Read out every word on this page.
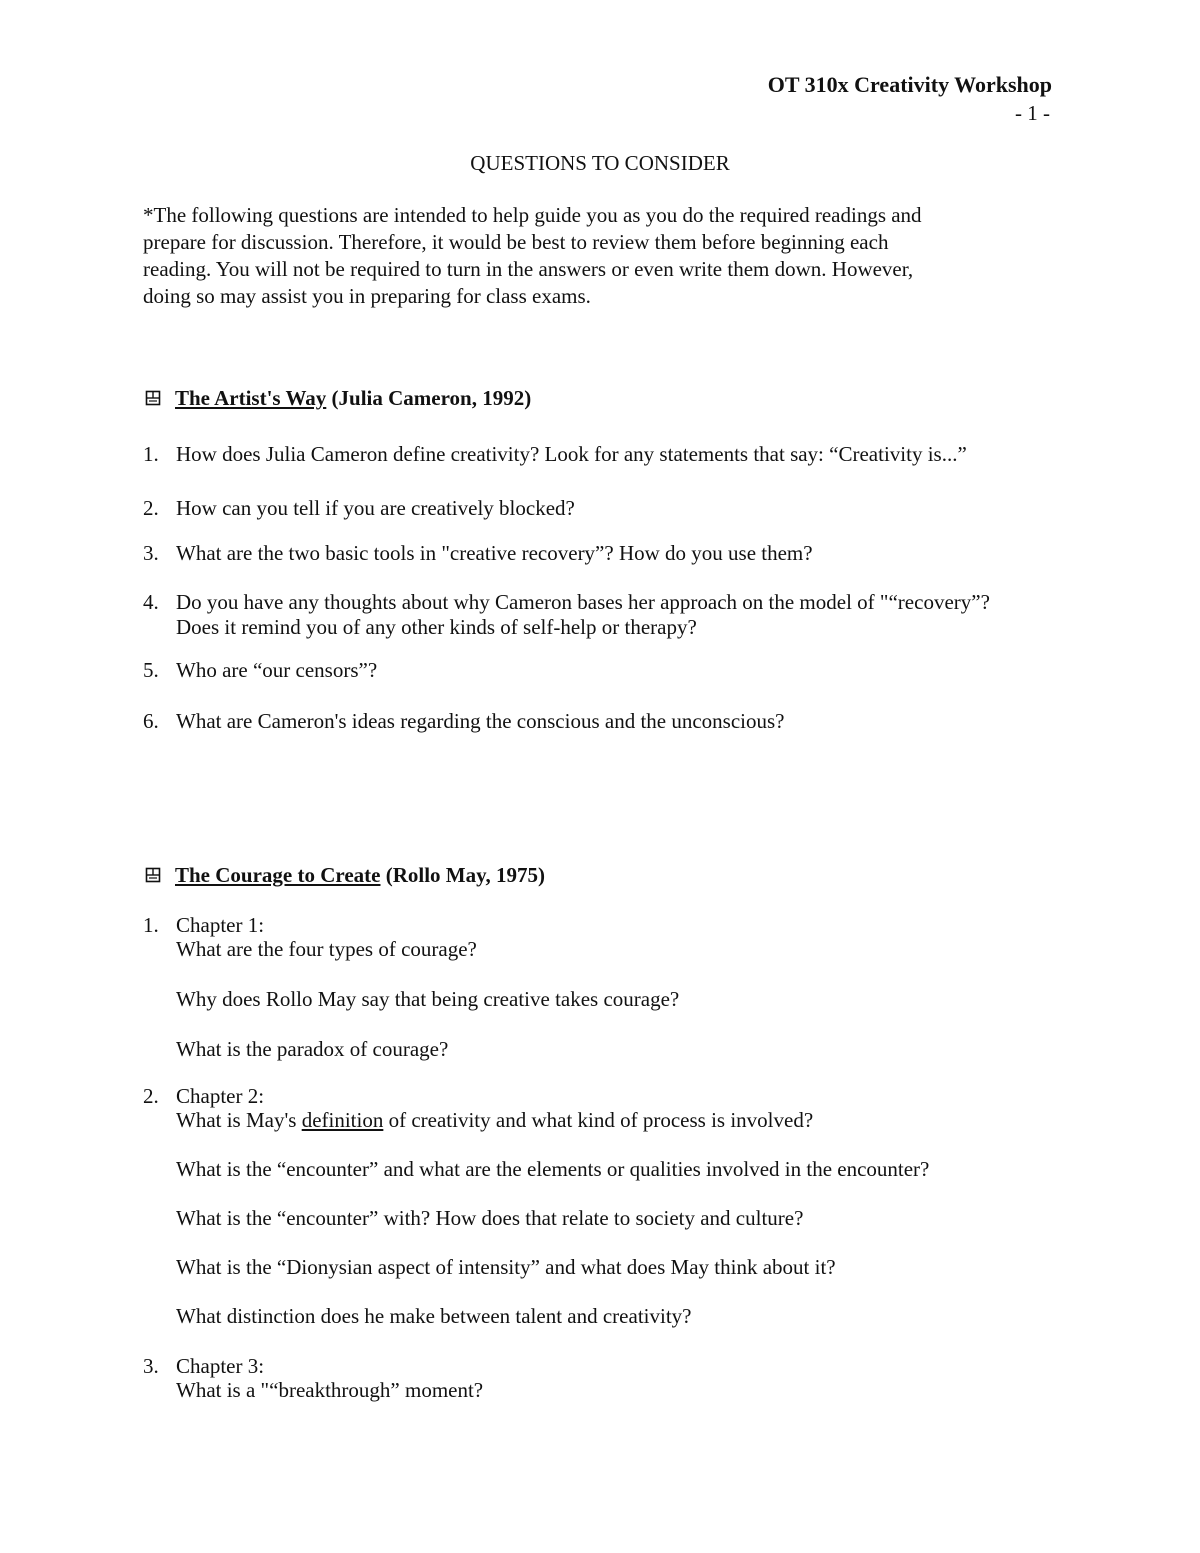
OT 310x Creativity Workshop
- 1 -
QUESTIONS TO CONSIDER
*The following questions are intended to help guide you as you do the required readings and
prepare for discussion. Therefore, it would be best to review them before beginning each
reading. You will not be required to turn in the answers or even write them down. However,
doing so may assist you in preparing for class exams.
The Artist's Way (Julia Cameron, 1992)
1. How does Julia Cameron define creativity? Look for any statements that say: “Creativity is...”
2. How can you tell if you are creatively blocked?
3. What are the two basic tools in "creative recovery”? How do you use them?
4. Do you have any thoughts about why Cameron bases her approach on the model of "“recovery”?
Does it remind you of any other kinds of self-help or therapy?
5. Who are “our censors”?
6. What are Cameron's ideas regarding the conscious and the unconscious?
The Courage to Create (Rollo May, 1975)
1. Chapter 1:
What are the four types of courage?
Why does Rollo May say that being creative takes courage?
What is the paradox of courage?
2. Chapter 2:
What is May's definition of creativity and what kind of process is involved?
What is the “encounter” and what are the elements or qualities involved in the encounter?
What is the “encounter” with? How does that relate to society and culture?
What is the “Dionysian aspect of intensity” and what does May think about it?
What distinction does he make between talent and creativity?
3. Chapter 3:
What is a "“breakthrough” moment?
